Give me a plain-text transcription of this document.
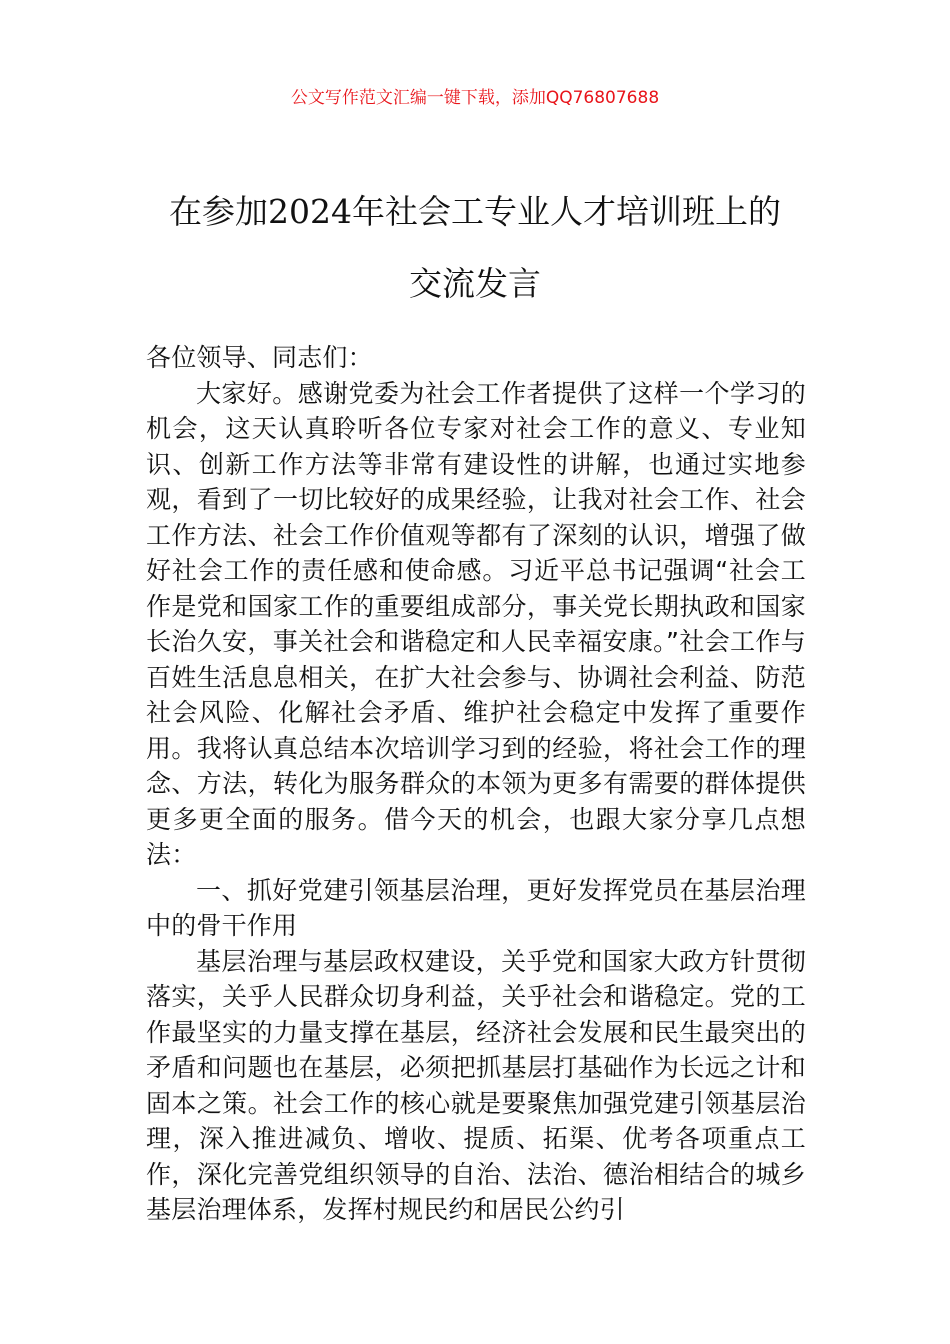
公文写作范文汇编一键下载，添加QQ76807688
在参加2024年社会工专业人才培训班上的
交流发言

各位领导、同志们：

大家好。感谢党委为社会工作者提供了这样一个学习的机会，这天认真聆听各位专家对社会工作的意义、专业知识、创新工作方法等非常有建设性的讲解，也通过实地参观，看到了一切比较好的成果经验，让我对社会工作、社会工作方法、社会工作价值观等都有了深刻的认识，增强了做好社会工作的责任感和使命感。习近平总书记强调“社会工作是党和国家工作的重要组成部分，事关党长期执政和国家长治久安，事关社会和谐稳定和人民幸福安康。”社会工作与百姓生活息息相关，在扩大社会参与、协调社会利益、防范社会风险、化解社会矛盾、维护社会稳定中发挥了重要作用。我将认真总结本次培训学习到的经验，将社会工作的理念、方法，转化为服务群众的本领为更多有需要的群体提供更多更全面的服务。借今天的机会，也跟大家分享几点想法：

一、抓好党建引领基层治理，更好发挥党员在基层治理中的骨干作用

基层治理与基层政权建设，关乎党和国家大政方针贯彻落实，关乎人民群众切身利益，关乎社会和谐稳定。党的工作最坚实的力量支撑在基层，经济社会发展和民生最突出的矛盾和问题也在基层，必须把抓基层打基础作为长远之计和固本之策。社会工作的核心就是要聚焦加强党建引领基层治理，深入推进减负、增收、提质、拓渠、优考各项重点工作，深化完善党组织领导的自治、法治、德治相结合的城乡基层治理体系，发挥村规民约和居民公约引
